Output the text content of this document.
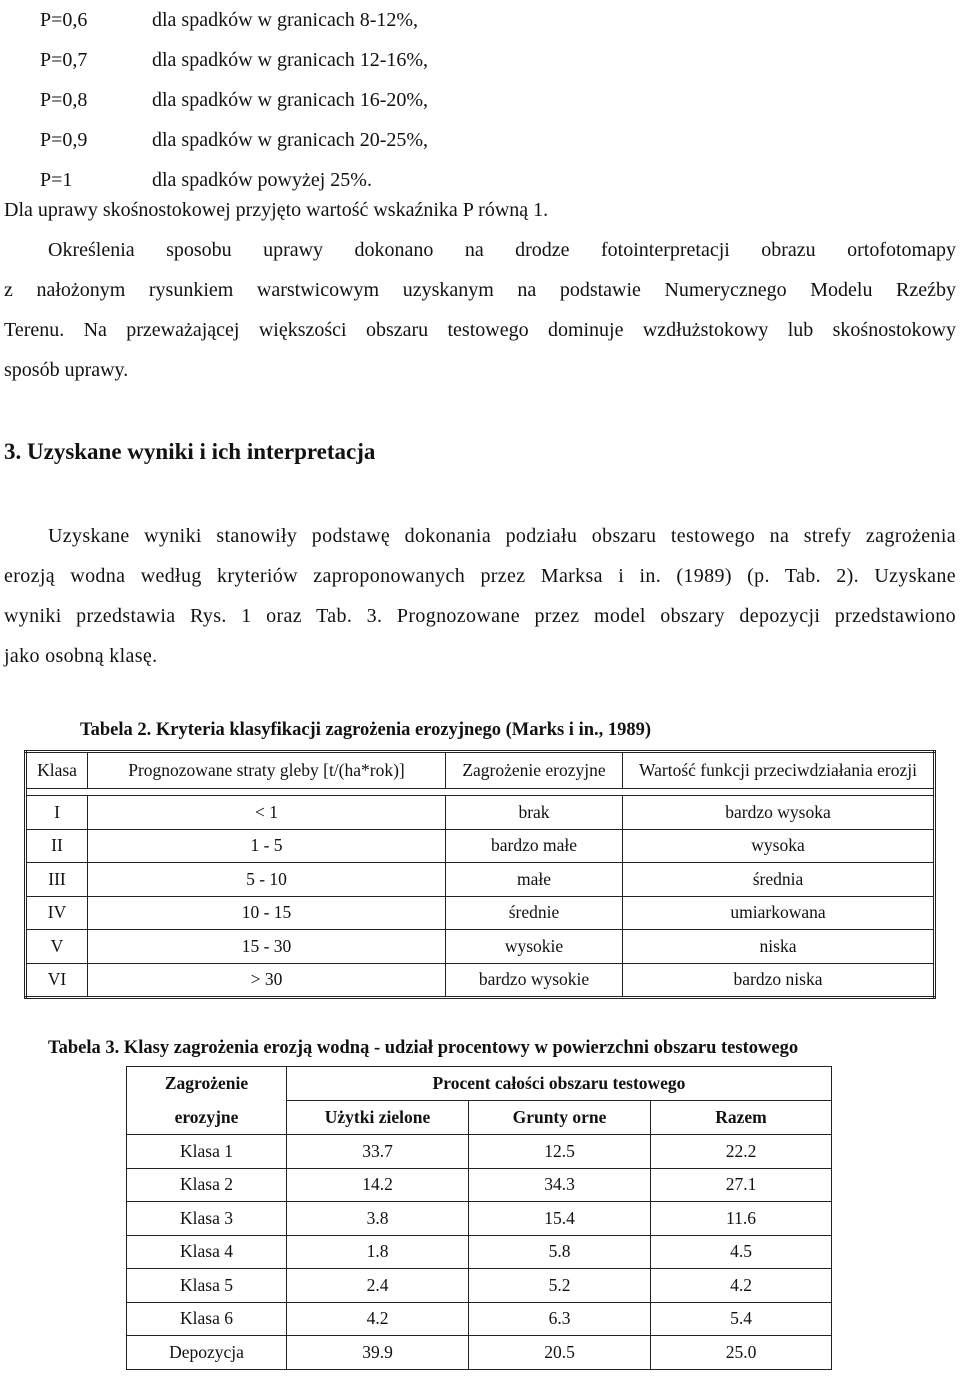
P=0,6	dla spadków w granicach 8-12%,
P=0,7	dla spadków w granicach 12-16%,
P=0,8	dla spadków w granicach 16-20%,
P=0,9	dla spadków w granicach 20-25%,
P=1	dla spadków powyżej 25%.
Dla uprawy skośnostokowej przyjęto wartość wskaźnika P równą 1.
Określenia sposobu uprawy dokonano na drodze fotointerpretacji obrazu ortofotomapy
z nałożonym rysunkiem warstwicowym uzyskanym na podstawie Numerycznego Modelu Rzeźby
Terenu. Na przeważającej większości obszaru testowego dominuje wzdłużstokowy lub skośnostokowy
sposób uprawy.
3. Uzyskane wyniki i ich interpretacja
Uzyskane wyniki stanowiły podstawę dokonania podziału obszaru testowego na strefy zagrożenia
erozją wodna według kryteriów zaproponowanych przez Marksa i in. (1989) (p. Tab. 2). Uzyskane
wyniki przedstawia Rys. 1 oraz Tab. 3. Prognozowane przez model obszary depozycji przedstawiono
jako osobną klasę.
Tabela 2. Kryteria klasyfikacji zagrożenia erozyjnego (Marks i in., 1989)
Klasa	Prognozowane straty gleby [t/(ha*rok)]	Zagrożenie erozyjne	Wartość funkcji przeciwdziałania erozji

I	< 1	brak	bardzo wysoka
II	1 - 5	bardzo małe	wysoka
III	5 - 10	małe	średnia
IV	10 - 15	średnie	umiarkowana
V	15 - 30	wysokie	niska
VI	> 30	bardzo wysokie	bardzo niska
Tabela 3. Klasy zagrożenia erozją wodną - udział procentowy w powierzchni obszaru testowego
Zagrożenie	Procent całości obszaru testowego		
erozyjne	Użytki zielone	Grunty orne	Razem
Klasa 1	33.7	12.5	22.2
Klasa 2	14.2	34.3	27.1
Klasa 3	3.8	15.4	11.6
Klasa 4	1.8	5.8	4.5
Klasa 5	2.4	5.2	4.2
Klasa 6	4.2	6.3	5.4
Depozycja	39.9	20.5	25.0
